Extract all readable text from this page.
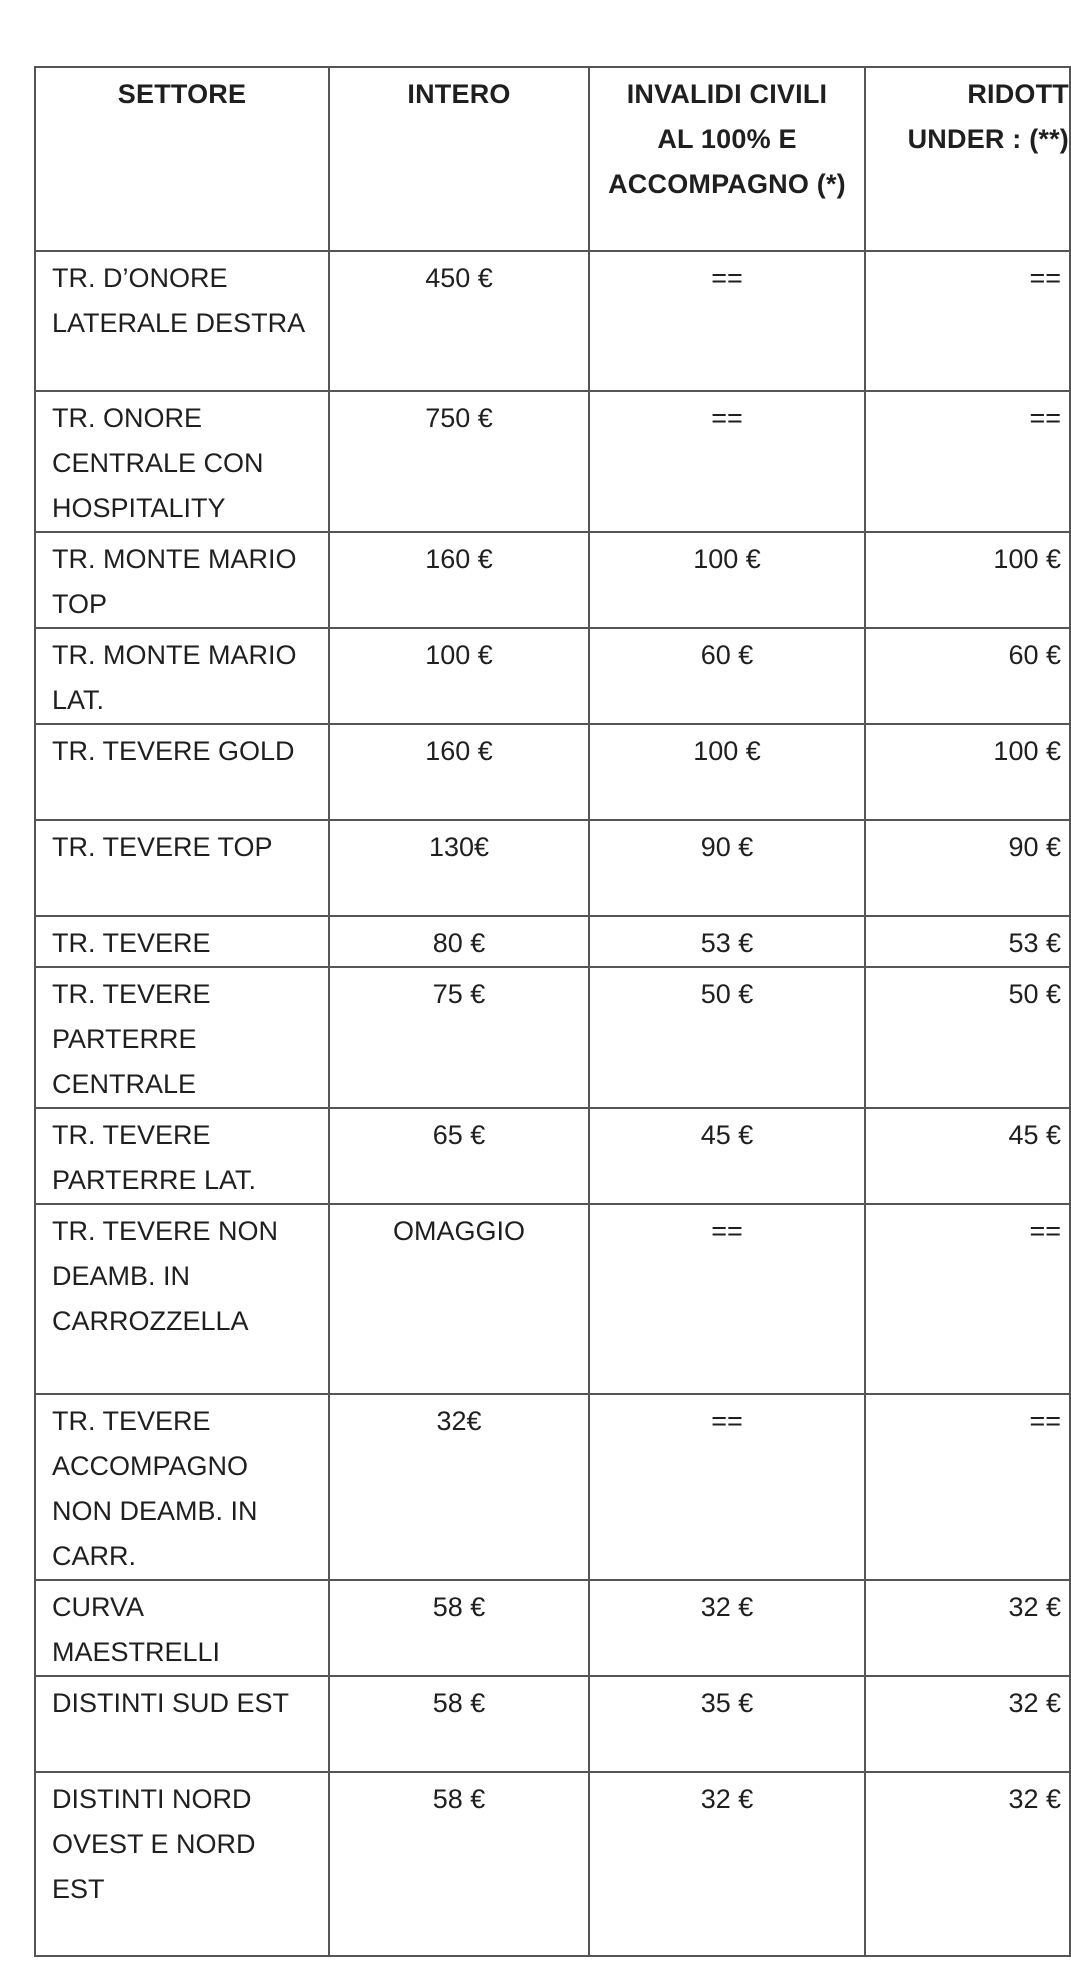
SETTORE	INTERO	INVALIDI CIVILI AL 100% E ACCOMPAGNO (*)	RIDOTT UNDER : (**)
TR. D’ONORE LATERALE DESTRA	450 €	==	==
TR. ONORE CENTRALE CON HOSPITALITY	750 €	==	==
TR. MONTE MARIO TOP	160 €	100 €	100 €
TR. MONTE MARIO LAT.	100 €	60 €	60 €
TR. TEVERE GOLD	160 €	100 €	100 €
TR. TEVERE TOP	130€	90 €	90 €
TR. TEVERE	80 €	53 €	53 €
TR. TEVERE PARTERRE CENTRALE	75 €	50 €	50 €
TR. TEVERE PARTERRE LAT.	65 €	45 €	45 €
TR. TEVERE NON DEAMB. IN CARROZZELLA	OMAGGIO	==	==
TR. TEVERE ACCOMPAGNO NON DEAMB. IN CARR.	32€	==	==
CURVA MAESTRELLI	58 €	32 €	32 €
DISTINTI SUD EST	58 €	35 €	32 €
DISTINTI NORD OVEST E NORD EST	58 €	32 €	32 €
